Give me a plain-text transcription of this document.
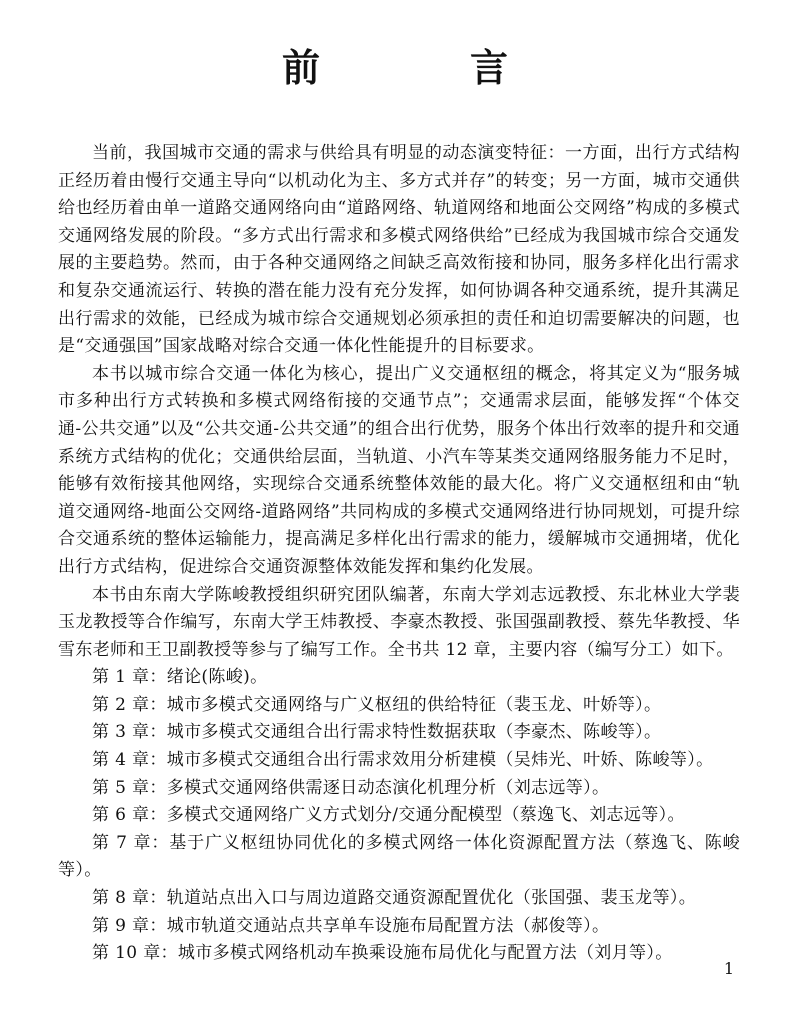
前　言

当前，我国城市交通的需求与供给具有明显的动态演变特征：一方面，出行方式结构正经历着由慢行交通主导向“以机动化为主、多方式并存”的转变；另一方面，城市交通供给也经历着由单一道路交通网络向由“道路网络、轨道网络和地面公交网络”构成的多模式交通网络发展的阶段。“多方式出行需求和多模式网络供给”已经成为我国城市综合交通发展的主要趋势。然而，由于各种交通网络之间缺乏高效衔接和协同，服务多样化出行需求和复杂交通流运行、转换的潜在能力没有充分发挥，如何协调各种交通系统，提升其满足出行需求的效能，已经成为城市综合交通规划必须承担的责任和迫切需要解决的问题，也是“交通强国”国家战略对综合交通一体化性能提升的目标要求。

本书以城市综合交通一体化为核心，提出广义交通枢纽的概念，将其定义为“服务城市多种出行方式转换和多模式网络衔接的交通节点”；交通需求层面，能够发挥“个体交通-公共交通”以及“公共交通-公共交通”的组合出行优势，服务个体出行效率的提升和交通系统方式结构的优化；交通供给层面，当轨道、小汽车等某类交通网络服务能力不足时，能够有效衔接其他网络，实现综合交通系统整体效能的最大化。将广义交通枢纽和由“轨道交通网络-地面公交网络-道路网络”共同构成的多模式交通网络进行协同规划，可提升综合交通系统的整体运输能力，提高满足多样化出行需求的能力，缓解城市交通拥堵，优化出行方式结构，促进综合交通资源整体效能发挥和集约化发展。

本书由东南大学陈峻教授组织研究团队编著，东南大学刘志远教授、东北林业大学裴玉龙教授等合作编写，东南大学王炜教授、李豪杰教授、张国强副教授、蔡先华教授、华雪东老师和王卫副教授等参与了编写工作。全书共 12 章，主要内容（编写分工）如下。

第 1 章：绪论(陈峻)。
第 2 章：城市多模式交通网络与广义枢纽的供给特征（裴玉龙、叶娇等）。
第 3 章：城市多模式交通组合出行需求特性数据获取（李豪杰、陈峻等）。
第 4 章：城市多模式交通组合出行需求效用分析建模（吴炜光、叶娇、陈峻等）。
第 5 章：多模式交通网络供需逐日动态演化机理分析（刘志远等）。
第 6 章：多模式交通网络广义方式划分/交通分配模型（蔡逸飞、刘志远等）。
第 7 章：基于广义枢纽协同优化的多模式网络一体化资源配置方法（蔡逸飞、陈峻等）。
第 8 章：轨道站点出入口与周边道路交通资源配置优化（张国强、裴玉龙等）。
第 9 章：城市轨道交通站点共享单车设施布局配置方法（郝俊等）。
第 10 章：城市多模式网络机动车换乘设施布局优化与配置方法（刘月等）。
1
